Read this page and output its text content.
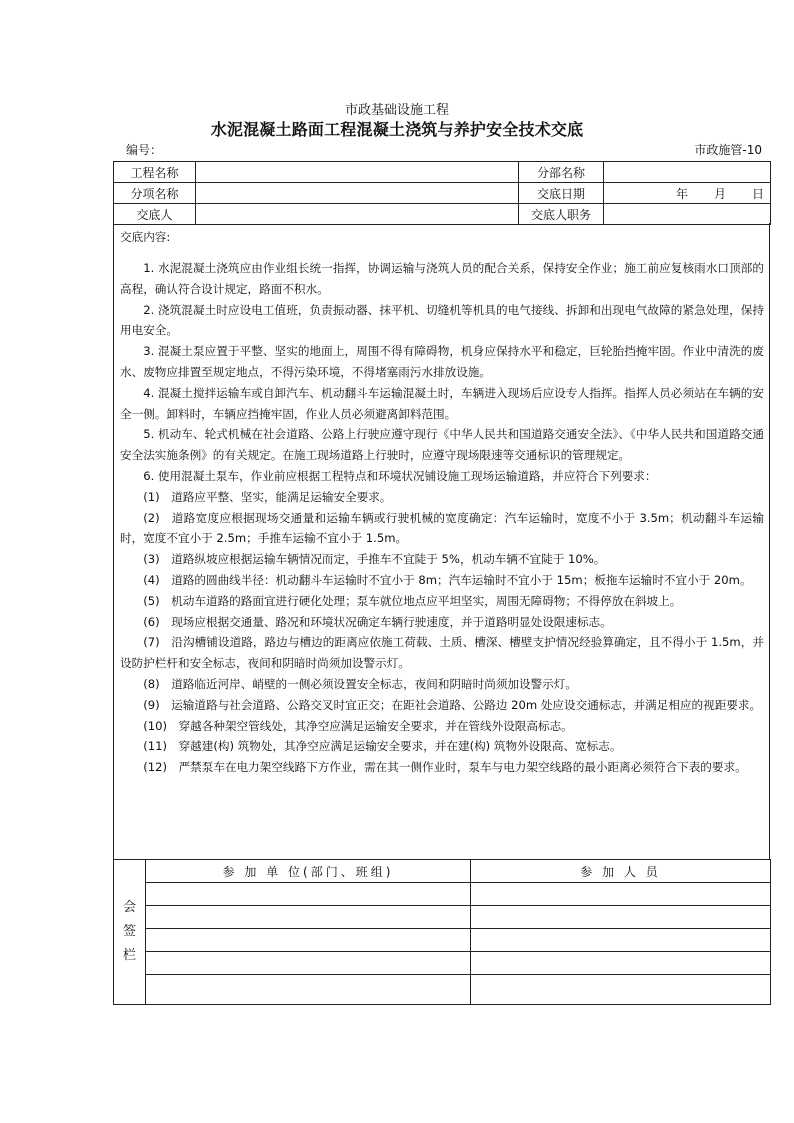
市政基础设施工程
水泥混凝土路面工程混凝土浇筑与养护安全技术交底
编号：	市政施管-10
工程名称		分部名称	
分项名称		交底日期	年 月 日
交底人		交底人职务	
交底内容:

1. 水泥混凝土浇筑应由作业组长统一指挥，协调运输与浇筑人员的配合关系，保持安全作业；施工前应复核雨水口顶部的高程，确认符合设计规定，路面不积水。

2. 浇筑混凝土时应设电工值班，负责振动器、抹平机、切缝机等机具的电气接线、拆卸和出现电气故障的紧急处理，保持用电安全。

3. 混凝土泵应置于平整、坚实的地面上，周围不得有障碍物，机身应保持水平和稳定，巨轮胎挡掩牢固。作业中清洗的废水、废物应排置至规定地点，不得污染环境，不得堵塞雨污水排放设施。

4. 混凝土搅拌运输车或自卸汽车、机动翻斗车运输混凝土时，车辆进入现场后应设专人指挥。指挥人员必须站在车辆的安全一侧。卸料时，车辆应挡掩牢固，作业人员必须避离卸料范围。

5. 机动车、轮式机械在社会道路、公路上行驶应遵守现行《中华人民共和国道路交通安全法》、《中华人民共和国道路交通安全法实施条例》的有关规定。在施工现场道路上行驶时，应遵守现场限速等交通标识的管理规定。

6. 使用混凝土泵车，作业前应根据工程特点和环境状况铺设施工现场运输道路，并应符合下列要求：

(1)　道路应平整、坚实，能满足运输安全要求。

(2)　道路宽度应根据现场交通量和运输车辆或行驶机械的宽度确定：汽车运输时，宽度不小于 3.5m；机动翻斗车运输时，宽度不宜小于 2.5m；手推车运输不宜小于 1.5m。

(3)　道路纵坡应根据运输车辆情况而定，手推车不宜陡于 5%，机动车辆不宜陡于 10%。

(4)　道路的圆曲线半径：机动翻斗车运输时不宜小于 8m；汽车运输时不宜小于 15m；板拖车运输时不宜小于 20m。

(5)　机动车道路的路面宜进行硬化处理；泵车就位地点应平坦坚实，周围无障碍物；不得停放在斜坡上。

(6)　现场应根据交通量、路况和环境状况确定车辆行驶速度，并于道路明显处设限速标志。

(7)　沿沟槽铺设道路，路边与槽边的距离应依施工荷载、土质、槽深、槽壁支护情况经验算确定，且不得小于 1.5m，并设防护栏杆和安全标志，夜间和阴暗时尚须加设警示灯。

(8)　道路临近河岸、峭壁的一侧必须设置安全标志，夜间和阴暗时尚须加设警示灯。

(9)　运输道路与社会道路、公路交叉时宜正交；在距社会道路、公路边 20m 处应设交通标志，并满足相应的视距要求。

(10)　穿越各种架空管线处，其净空应满足运输安全要求，并在管线外设限高标志。

(11)　穿越建(构) 筑物处，其净空应满足运输安全要求，并在建(构) 筑物外设限高、宽标志。

(12)　严禁泵车在电力架空线路下方作业，需在其一侧作业时，泵车与电力架空线路的最小距离必须符合下表的要求。

会签栏	参 加 单 位(部门、班组)	参 加 人 员
